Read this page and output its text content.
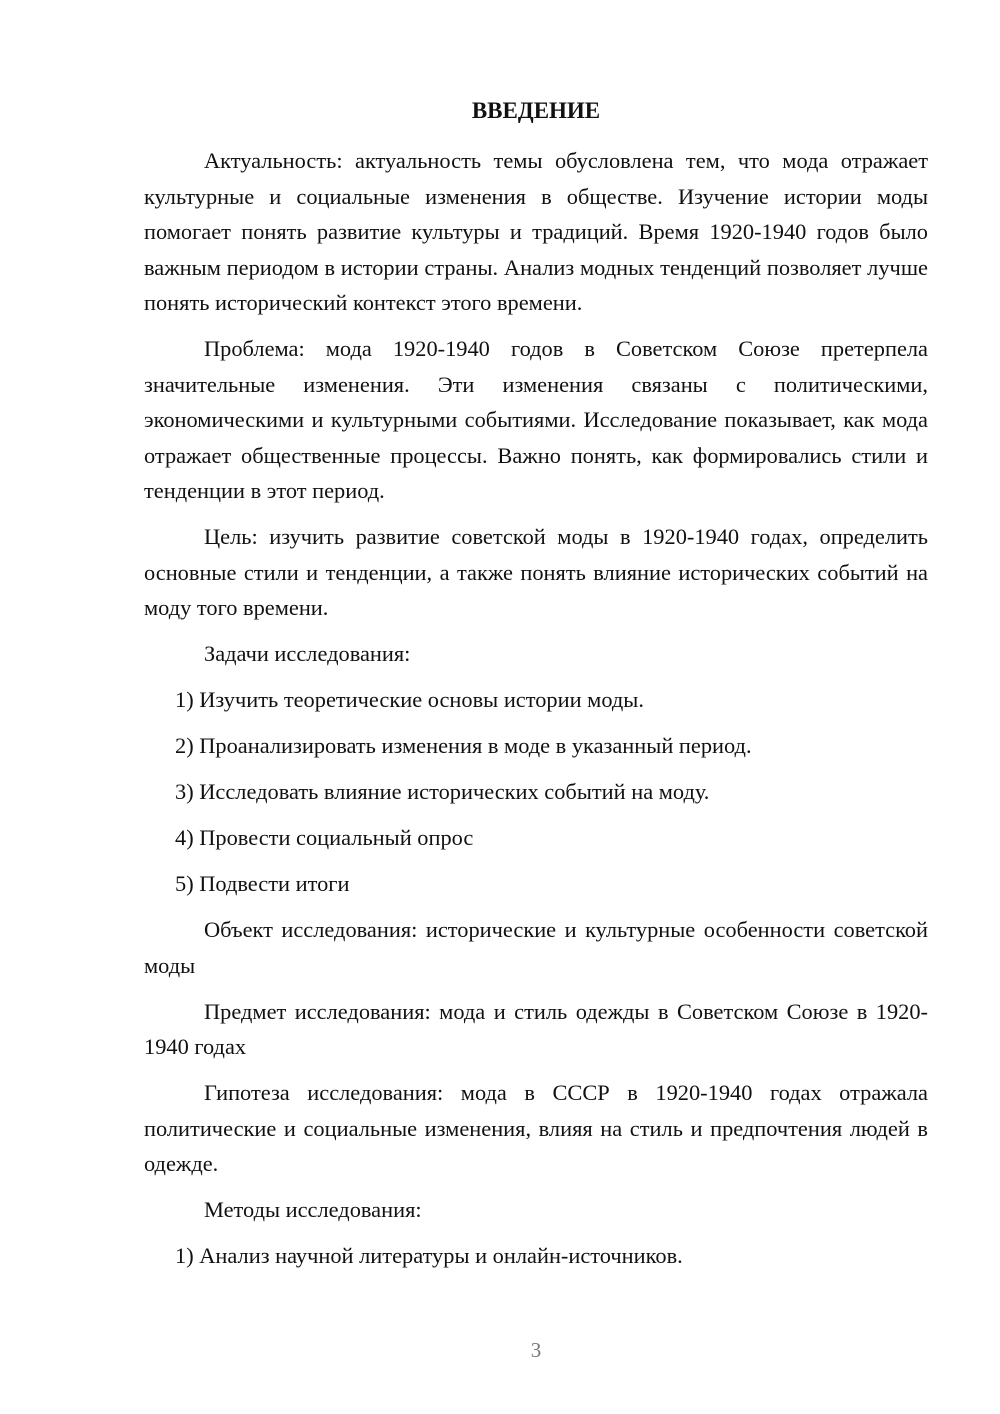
ВВЕДЕНИЕ

Актуальность: актуальность темы обусловлена тем, что мода отражает культурные и социальные изменения в обществе. Изучение истории моды помогает понять развитие культуры и традиций. Время 1920-1940 годов было важным периодом в истории страны. Анализ модных тенденций позволяет лучше понять исторический контекст этого времени.

Проблема: мода 1920-1940 годов в Советском Союзе претерпела значительные изменения. Эти изменения связаны с политическими, экономическими и культурными событиями. Исследование показывает, как мода отражает общественные процессы. Важно понять, как формировались стили и тенденции в этот период.

Цель: изучить развитие советской моды в 1920-1940 годах, определить основные стили и тенденции, а также понять влияние исторических событий на моду того времени.

Задачи исследования:

1) Изучить теоретические основы истории моды.

2) Проанализировать изменения в моде в указанный период.

3) Исследовать влияние исторических событий на моду.

4) Провести социальный опрос

5) Подвести итоги

Объект исследования: исторические и культурные особенности советской моды

Предмет исследования: мода и стиль одежды в Советском Союзе в 1920-1940 годах

Гипотеза исследования: мода в СССР в 1920-1940 годах отражала политические и социальные изменения, влияя на стиль и предпочтения людей в одежде.

Методы исследования:

1) Анализ научной литературы и онлайн-источников.

3
